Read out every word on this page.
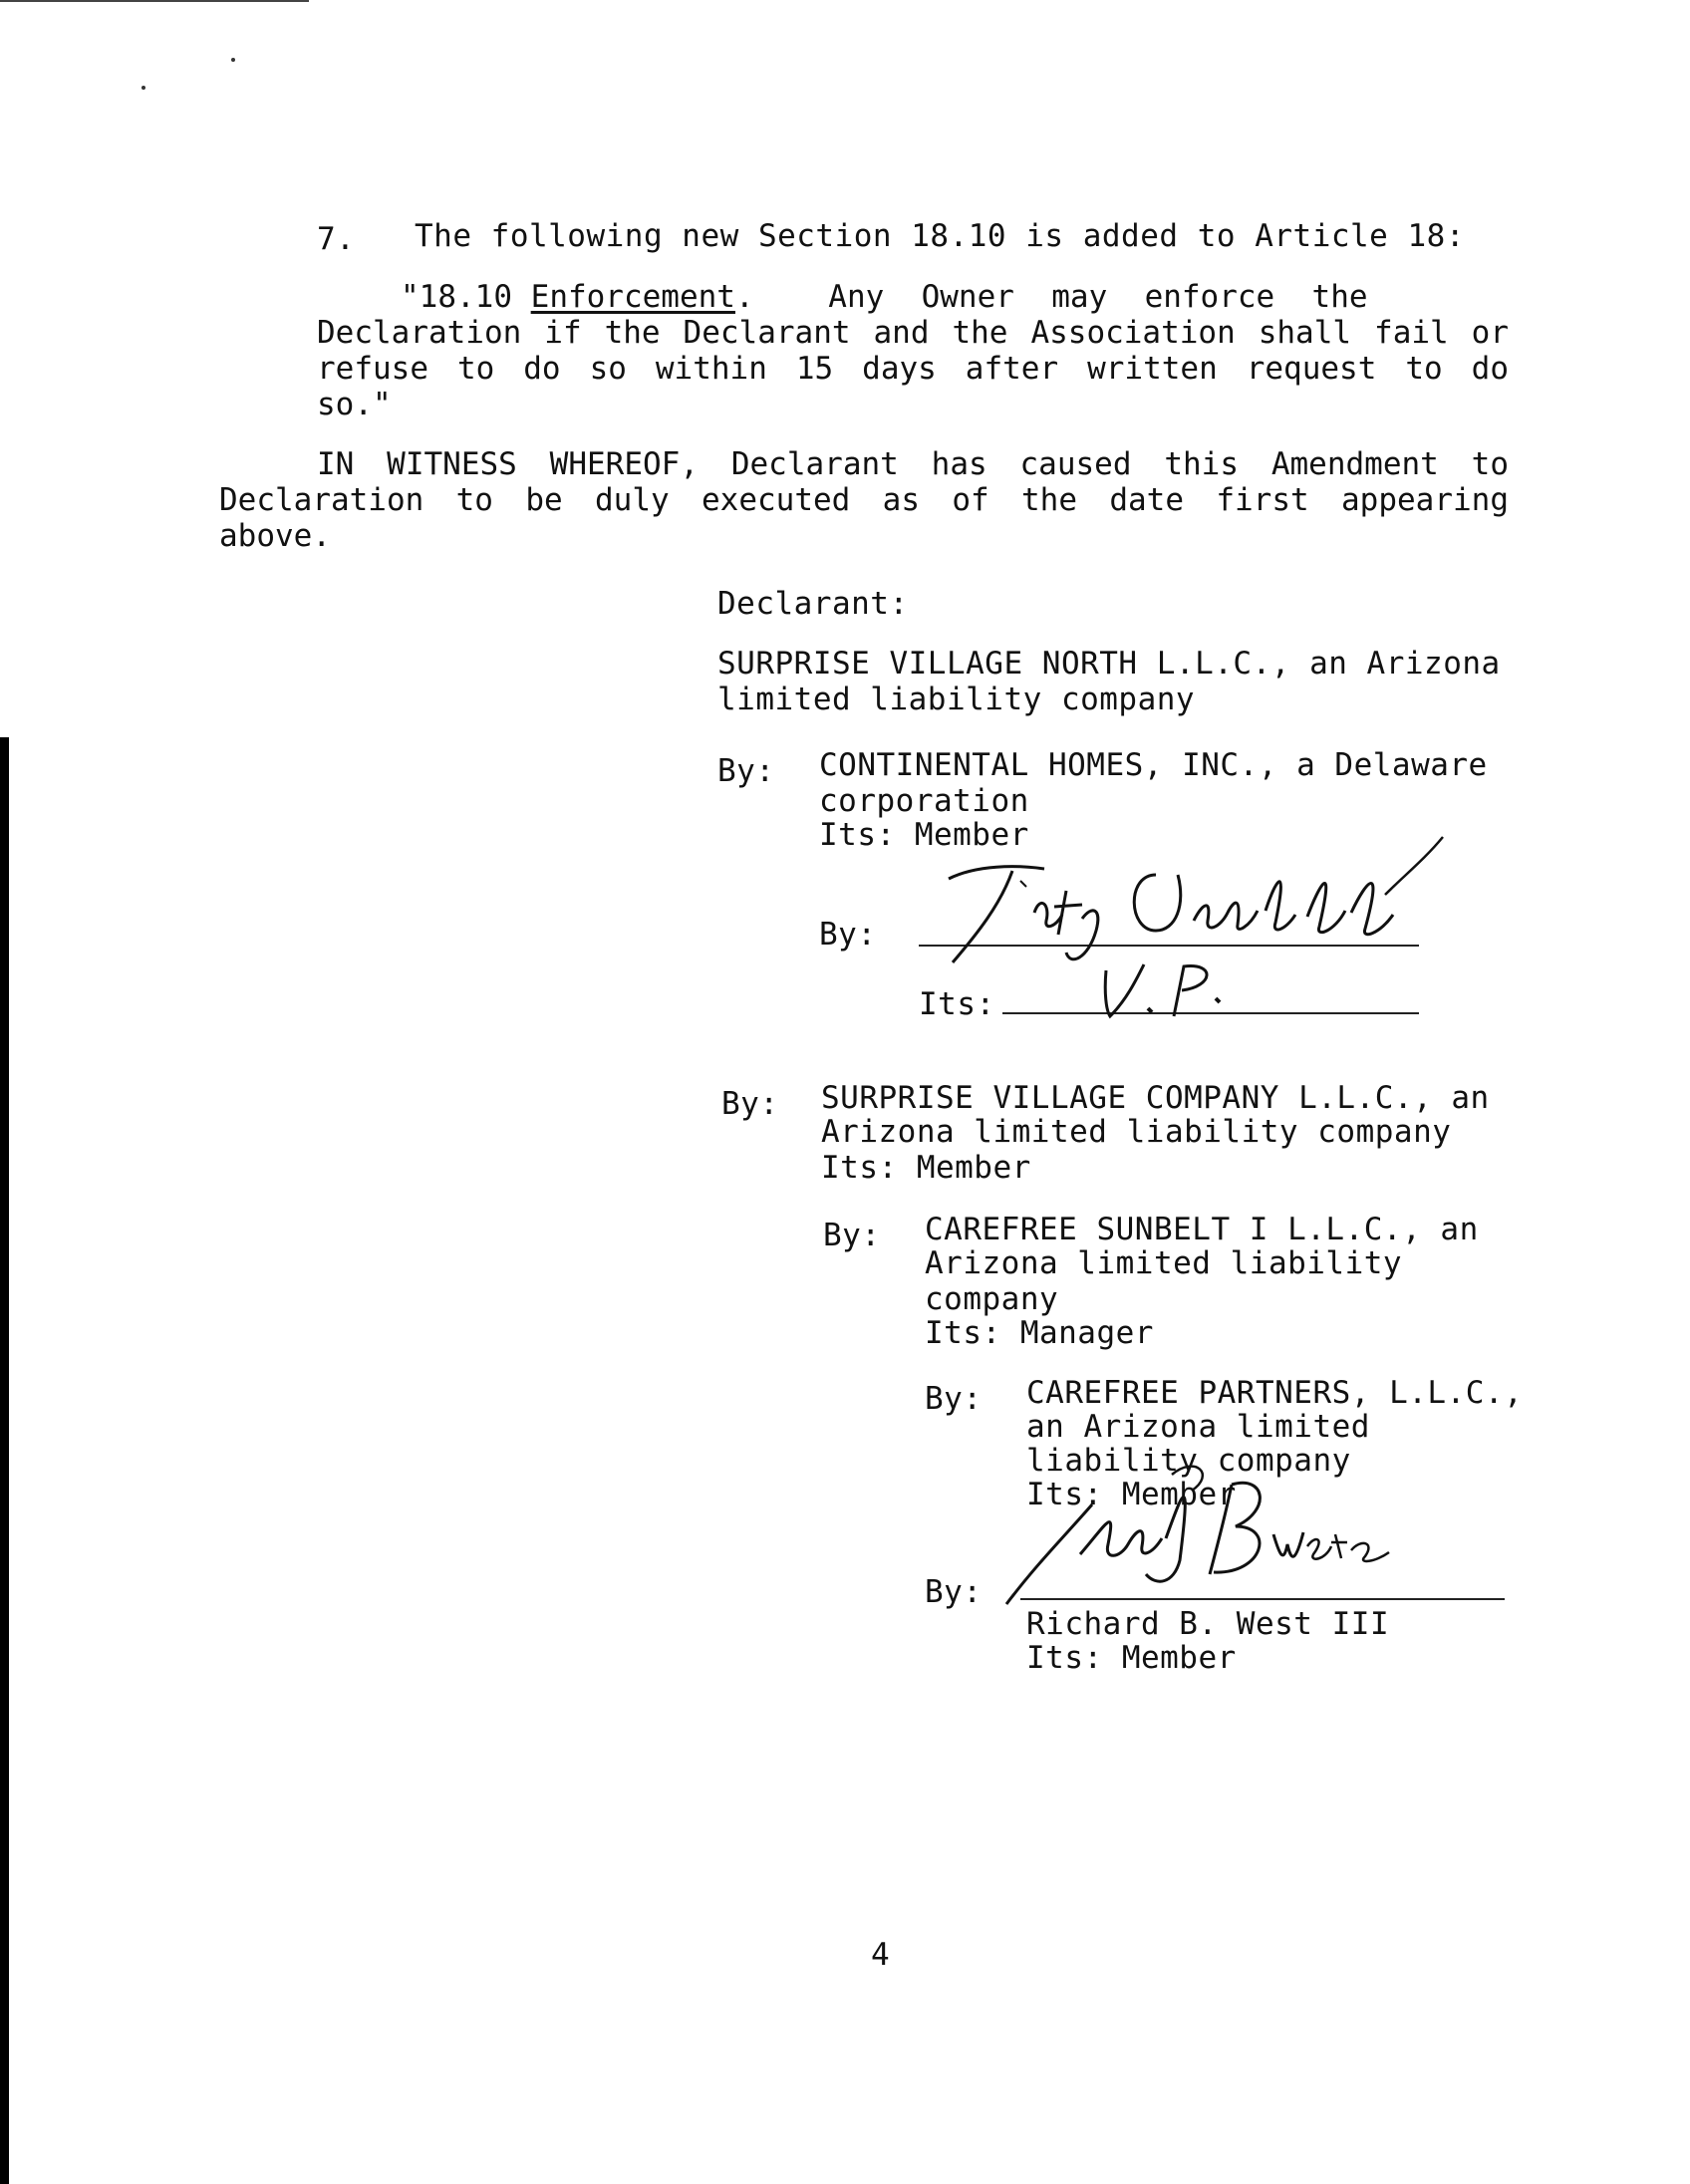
7. The following new Section 18.10 is added to Article 18:
"18.10 Enforcement.    Any  Owner  may  enforce  the
Declaration if the Declarant and the Association shall fail or
refuse to do so within 15 days after written request to do
so."
IN WITNESS WHEREOF, Declarant has caused this Amendment to
Declaration to be duly executed as of the date first appearing
above.
Declarant:
SURPRISE VILLAGE NORTH L.L.C., an Arizona
limited liability company
By: CONTINENTAL HOMES, INC., a Delaware
corporation
Its: Member
By:
Its:
By: SURPRISE VILLAGE COMPANY L.L.C., an
Arizona limited liability company
Its: Member
By: CAREFREE SUNBELT I L.L.C., an
Arizona limited liability
company
Its: Manager
By: CAREFREE PARTNERS, L.L.C.,
an Arizona limited
liability company
Its: Member
By:
Richard B. West III
Its: Member
4
